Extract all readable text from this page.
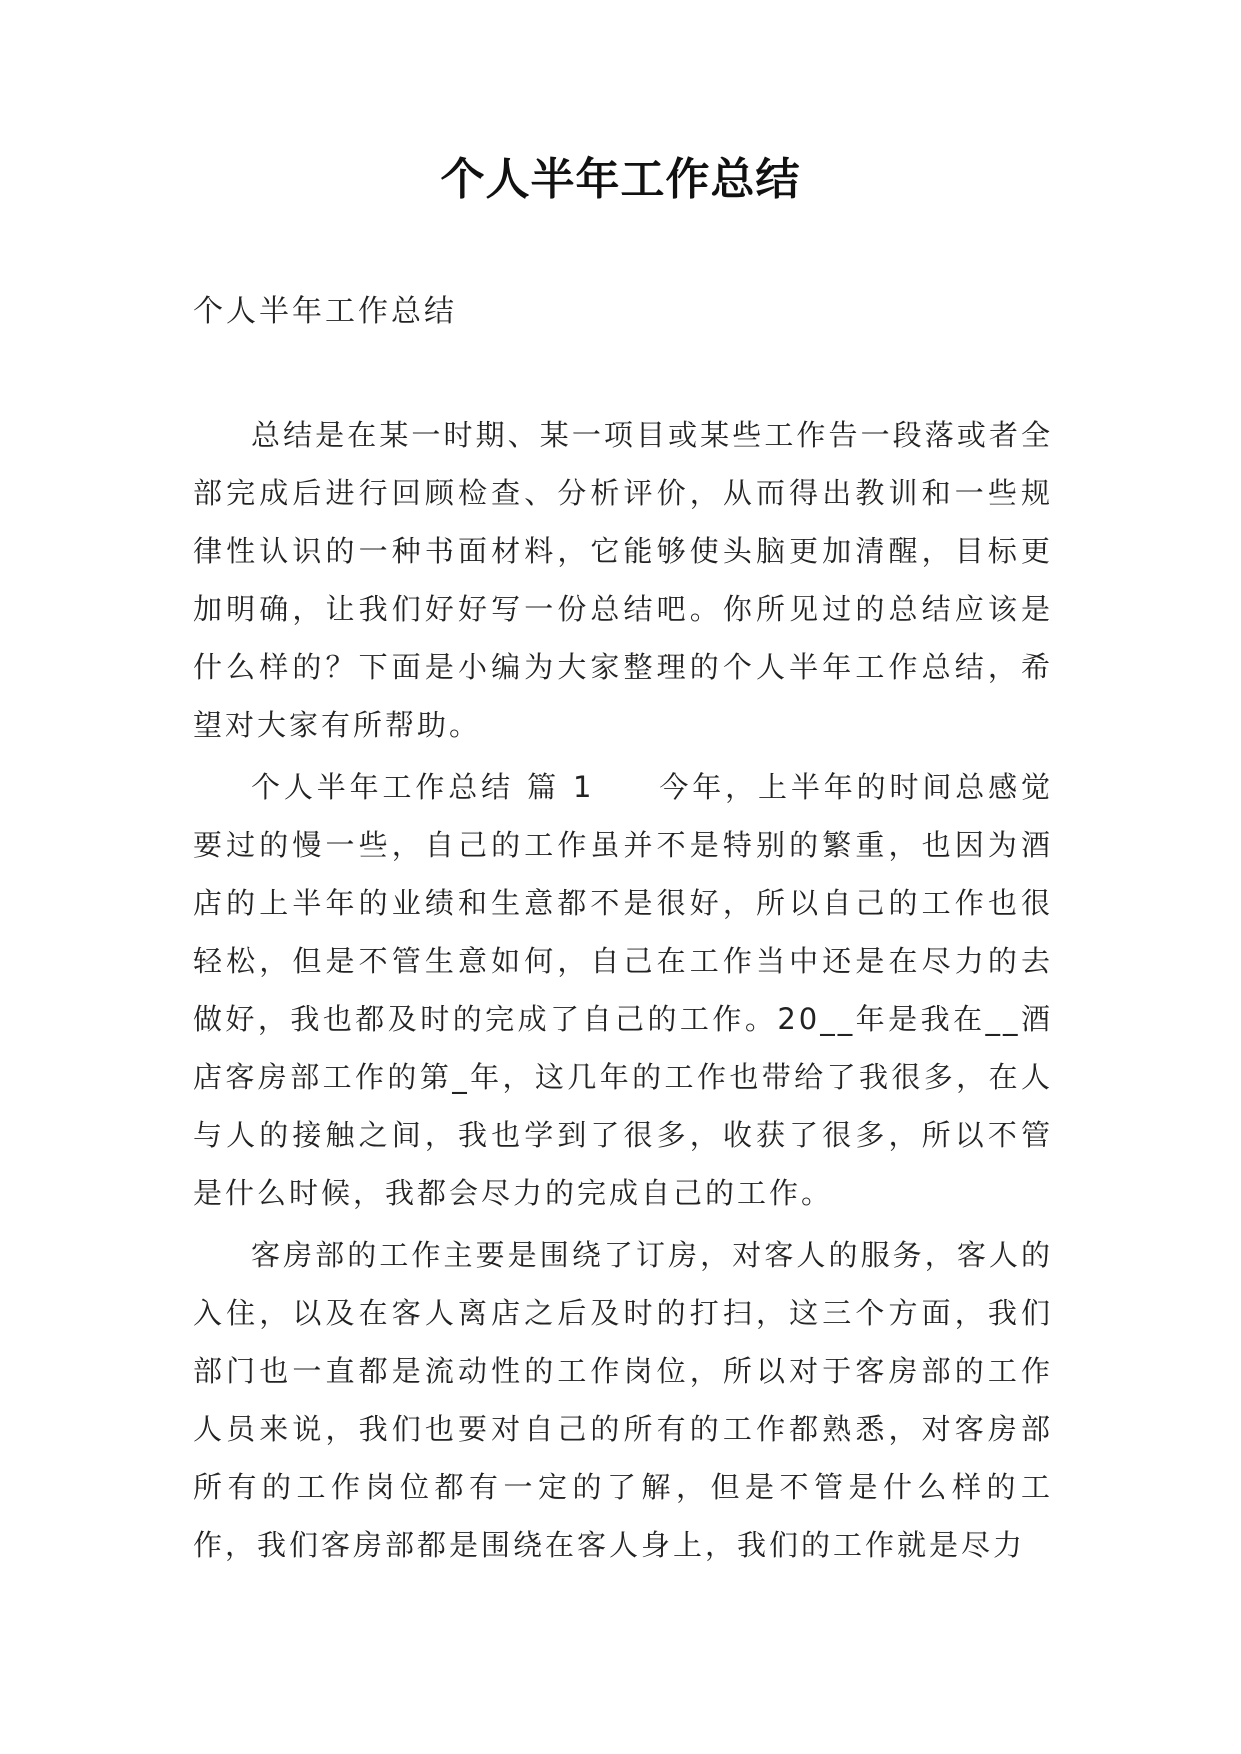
个人半年工作总结
个人半年工作总结

总结是在某一时期、某一项目或某些工作告一段落或者全部完成后进行回顾检查、分析评价，从而得出教训和一些规律性认识的一种书面材料，它能够使头脑更加清醒，目标更加明确，让我们好好写一份总结吧。你所见过的总结应该是什么样的？下面是小编为大家整理的个人半年工作总结，希望对大家有所帮助。

个人半年工作总结 篇 1 今年，上半年的时间总感觉要过的慢一些，自己的工作虽并不是特别的繁重，也因为酒店的上半年的业绩和生意都不是很好，所以自己的工作也很轻松，但是不管生意如何，自己在工作当中还是在尽力的去做好，我也都及时的完成了自己的工作。20__年是我在__酒店客房部工作的第_年，这几年的工作也带给了我很多，在人与人的接触之间，我也学到了很多，收获了很多，所以不管是什么时候，我都会尽力的完成自己的工作。

客房部的工作主要是围绕了订房，对客人的服务，客人的入住，以及在客人离店之后及时的打扫，这三个方面，我们部门也一直都是流动性的工作岗位，所以对于客房部的工作人员来说，我们也要对自己的所有的工作都熟悉，对客房部所有的工作岗位都有一定的了解，但是不管是什么样的工作，我们客房部都是围绕在客人身上，我们的工作就是尽力
